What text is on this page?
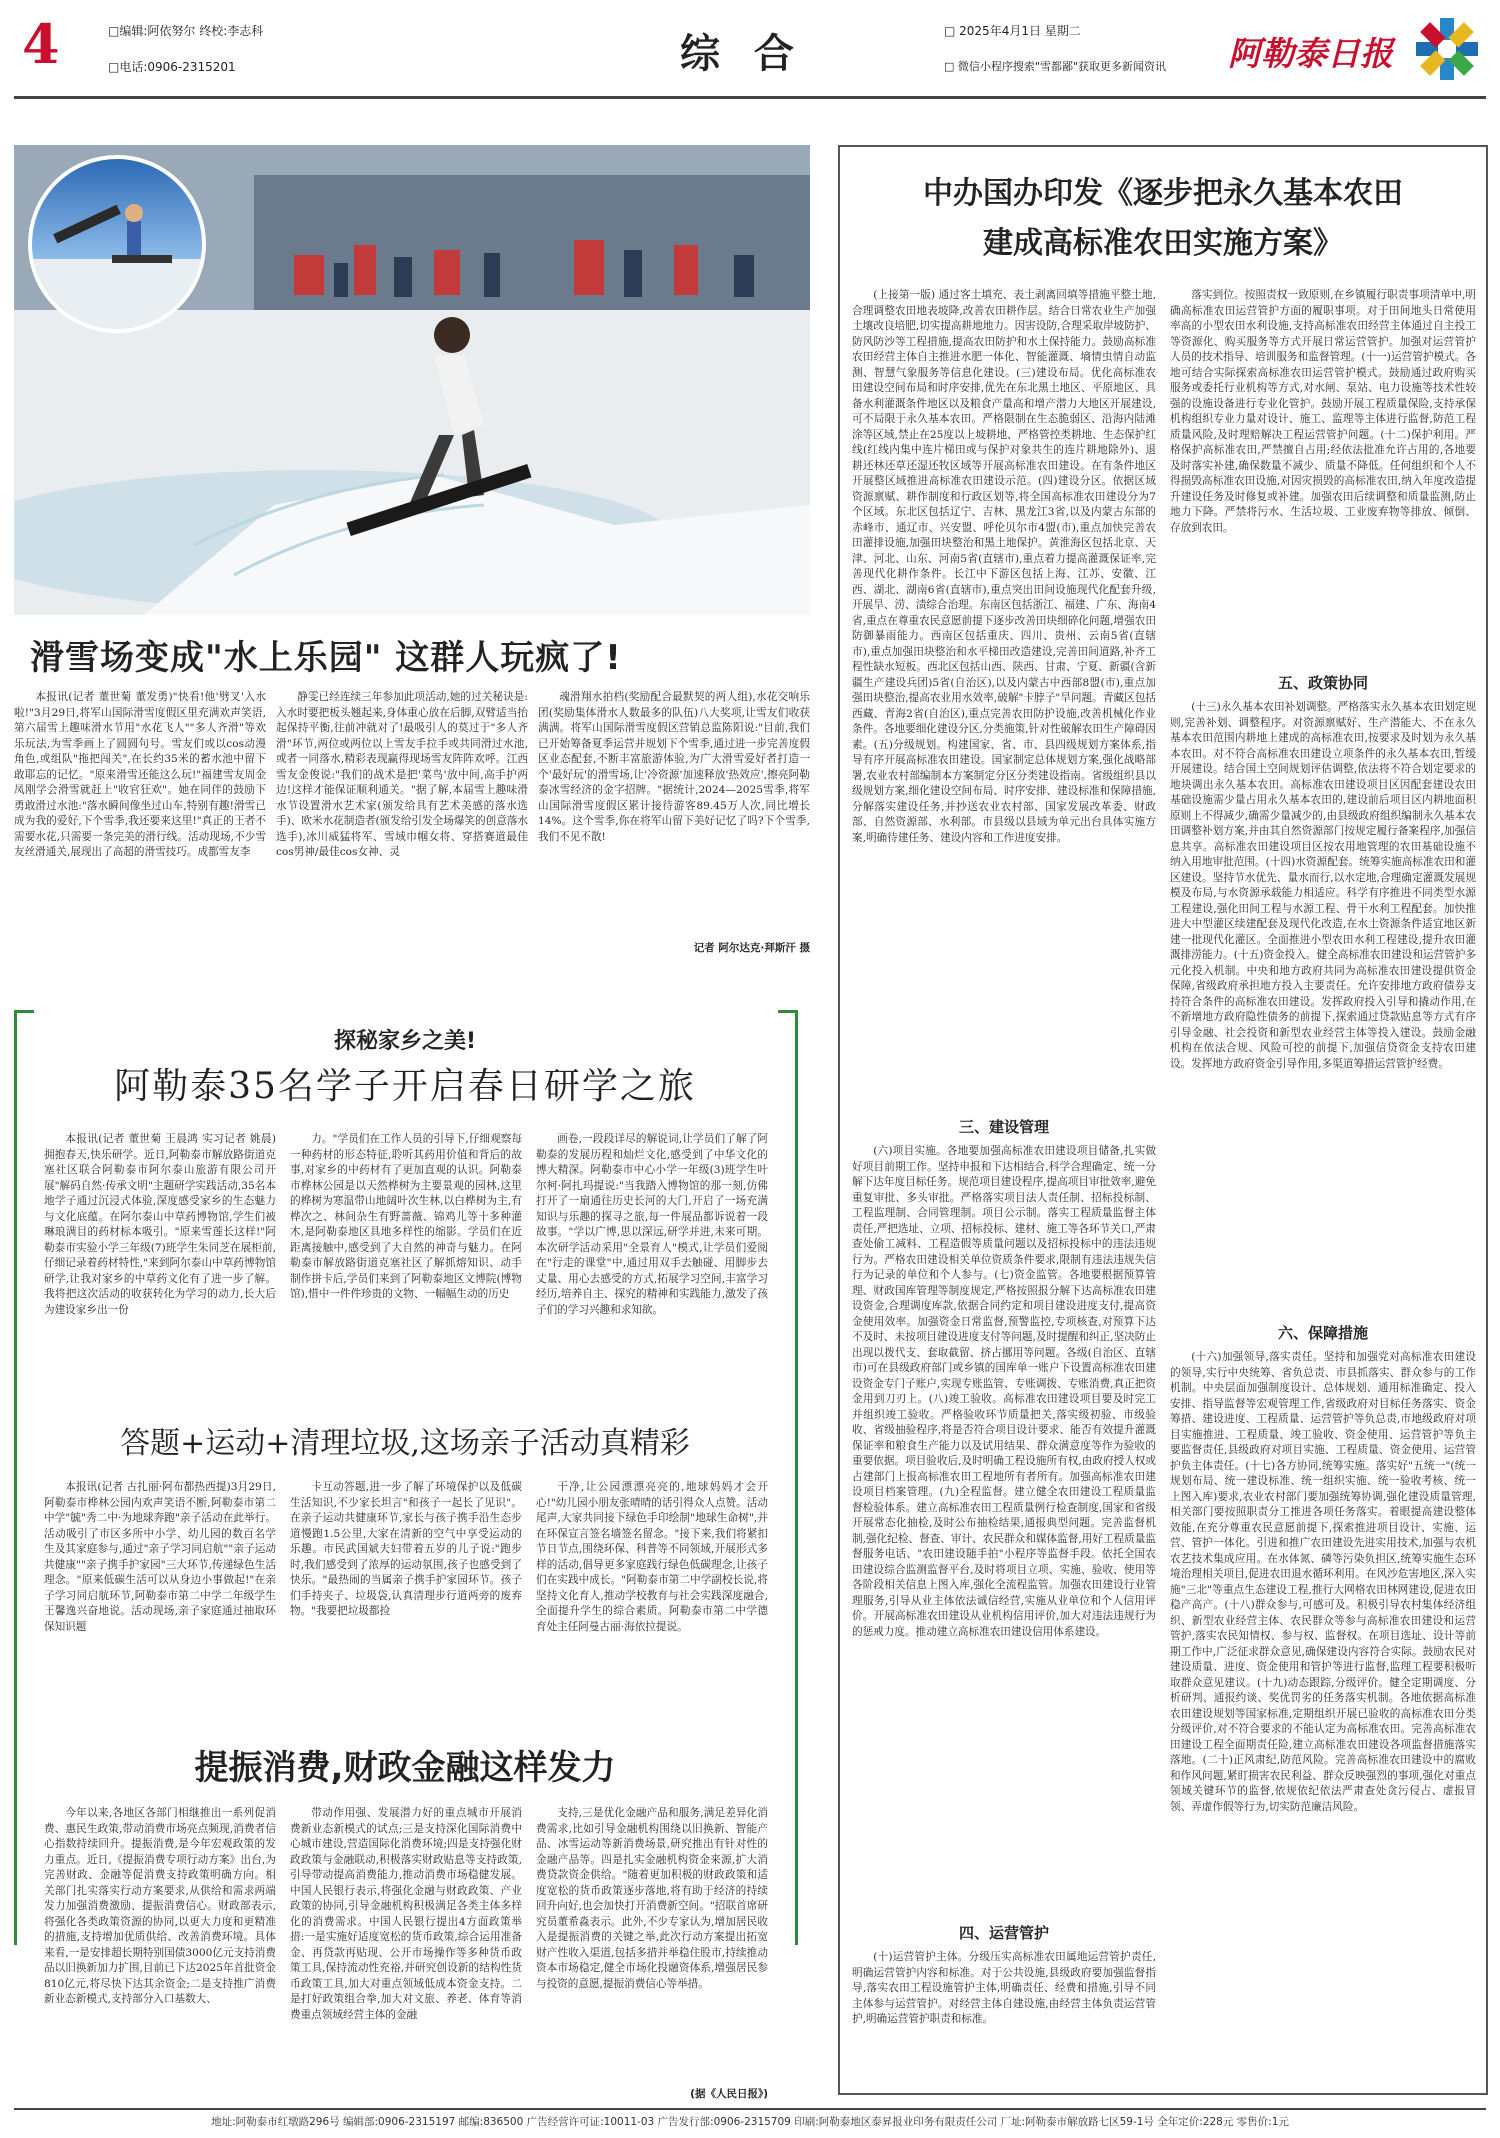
4	□编辑:阿依努尔 终校:李志科
□电话:0906-2315201	综 合	□ 2025年4月1日 星期二
□ 微信小程序搜索"雪都鄙"获取更多新闻资讯 阿勒泰日报
滑雪场变成"水上乐园" 这群人玩疯了!

本报讯(记者 董世菊 董发勇)"快看!他'劈叉'入水啦!"3月29日,将军山国际滑雪度假区里充满欢声笑语,第六届雪上趣味滑水节用"水花飞人""多人齐滑"等欢乐玩法,为雪季画上了圆圆句号。雪友们或以cos动漫角色,或组队"拖把闯关",在长约35米的蓄水池中留下敢耶忘的记忆。"原来滑雪还能这么玩!"福建雪友周金凤刚学会滑雪就赶上"收官狂欢"。她在同伴的鼓励下勇敢滑过水池:"落水瞬间像坐过山车,特别有趣!滑雪已成为我的爱好,下个雪季,我还要来这里!"真正的王者不需要水花,只需要一条完美的滑行线。活动现场,不少雪友丝滑通关,展现出了高超的滑雪技巧。成都雪友李

静雯已经连续三年参加此项活动,她的过关秘诀是:入水时要把板头翘起来,身体重心放在后脚,双臂适当抬起保持平衡,往前冲就对了!最吸引人的莫过于"多人齐滑"环节,两位或两位以上雪友手拉手或共同滑过水池,或者一同落水,精彩表现赢得现场雪友阵阵欢呼。江西雪友金俊说:"我们的战术是把'菜鸟'放中间,高手护两边!这样才能保证顺利通关。"据了解,本届雪上趣味滑水节设置滑水艺术家(颁发给具有艺术美感的落水选手)、欧米水花制造者(颁发给引发全场爆笑的创意落水选手),冰川威猛将军、雪域巾帼女将、穿搭赛道最佳cos男神/最佳cos女神、灵

魂滑翔水拍档(奖励配合最默契的两人组),水花交响乐团(奖励集体滑水人数最多的队伍)八大奖项,让雪友们收获满满。将军山国际滑雪度假区营销总监陈阳说:"目前,我们已开始筹备夏季运营并规划下个雪季,通过进一步完善度假区业态配套,不断丰富旅游体验,为广大滑雪爱好者打造一个'最好玩'的滑雪场,让'冷资源'加速释放'热效应',擦亮阿勒泰冰雪经济的金字招牌。"据统计,2024—2025雪季,将军山国际滑雪度假区累计接待游客89.45万人次,同比增长14%。这个雪季,你在将军山留下美好记忆了吗?下个雪季,我们不见不散!

记者 阿尔达克·拜斯汗 摄
探秘家乡之美!
阿勒泰35名学子开启春日研学之旅

本报讯(记者 董世菊 王晨鸿 实习记者 姚晨)拥抱春天,快乐研学。近日,阿勒泰市解放路街道克塞社区联合阿勒泰市阿尔泰山旅游有限公司开展"解码自然·传承文明"主题研学实践活动,35名本地学子通过沉浸式体验,深度感受家乡的生态魅力与文化底蕴。在阿尔泰山中草药博物馆,学生们被琳琅满目的药材标本吸引。"原来雪莲长这样!"阿勒泰市实验小学三年级(7)班学生朱同芝在展柜前,仔细记录着药材特性,"来到阿尔泰山中草药博物馆研学,让我对家乡的中草药文化有了进一步了解。我将把这次活动的收获转化为学习的动力,长大后为建设家乡出一份

力。"学员们在工作人员的引导下,仔细观察每一种药材的形态特征,聆听其药用价值和背后的故事,对家乡的中药材有了更加直观的认识。阿勒泰市桦林公园是以天然桦树为主要景观的园林,这里的桦树为寒温带山地阔叶次生林,以白桦树为主,有桦次之、林间杂生有野蔷薇、锦鸡儿等十多种灌木,是阿勒泰地区具地多样性的缩影。学员们在近距离接触中,感受到了大自然的神奇与魅力。在阿勒泰市解放路街道克塞社区了解抓熔知识、动手制作拼卡后,学员们来到了阿勒泰地区文博院(博物馆),惜中一件件珍贵的文物、一幅幅生动的历史

画卷,一段段详尽的解说词,让学员们了解了阿勒泰的发展历程和灿烂文化,感受到了中华文化的博大精深。阿勒泰市中心小学一年级(3)班学生叶尔柯·阿扎玛提说:"当我踏入博物馆的那一刻,仿佛打开了一扇通往历史长河的大门,开启了一场充满知识与乐趣的探寻之旅,每一件展品都诉说着一段故事。"学以广博,思以深远,研学并进,未来可期。本次研学活动采用"全景育人"模式,让学员们爱阅在"行走的课堂"中,通过用双手去触碰、用脚步去丈量、用心去感受的方式,拓展学习空间,丰富学习经历,培养自主、探究的精神和实践能力,激发了孩子们的学习兴趣和求知欲。

答题+运动+清理垃圾,这场亲子活动真精彩

本报讯(记者 古扎丽·阿布都热西提)3月29日,阿勒泰市桦林公园内欢声笑语不断,阿勒泰市第二中学"毓"秀二中·为地球奔跑"亲子活动在此举行。活动吸引了市区多所中小学、幼儿园的数百名学生及其家庭参与,通过"亲子学习同启航""亲子运动共健康""亲子携手护家园"三大环节,传递绿色生活理念。"原来低碳生活可以从身边小事做起!"在亲子学习同启航环节,阿勒泰市第二中学二年级学生王馨逸兴奋地说。活动现场,亲子家庭通过抽取环保知识题

卡互动答题,进一步了解了环境保护以及低碳生活知识,不少家长坦言"和孩子一起长了见识"。在亲子运动共健康环节,家长与孩子携手沿生态步道慢跑1.5公里,大家在清新的空气中享受运动的乐趣。市民武国斌夫妇带着五岁的儿子说:"跑步时,我们感受到了浓厚的运动氛围,孩子也感受到了快乐。"最热闹的当属亲子携手护家园环节。孩子们手持夹子、垃圾袋,认真清理步行道两旁的废弃物。"我要把垃圾都捡

干净,让公园漂漂亮亮的,地球妈妈才会开心!"幼儿园小朋友张晴晴的话引得众人点赞。活动尾声,大家共同接下绿色手印绘制"地球生命树",并在环保宣言签名墙签名留念。"接下来,我们将紧扣节日节点,围绕环保、科普等不同领域,开展形式多样的活动,倡导更多家庭践行绿色低碳理念,让孩子们在实践中成长。"阿勒泰市第二中学副校长说,将坚持文化育人,推动学校教育与社会实践深度融合,全面提升学生的综合素质。阿勒泰市第二中学德育处主任阿曼古丽·海依拉提说。

提振消费,财政金融这样发力

今年以来,各地区各部门相继推出一系列促消费、惠民生政策,带动消费市场亮点频现,消费者信心指数持续回升。提振消费,是今年宏观政策的发力重点。近日,《提振消费专项行动方案》出台,为完善财政、金融等促消费支持政策明确方向。相关部门扎实落实行动方案要求,从供给和需求两端发力加强消费激励、提振消费信心。财政部表示,将强化各类政策资源的协同,以更大力度和更精准的措施,支持增加优质供给、改善消费环境。具体来看,一是安排超长期特别国债3000亿元支持消费品以旧换新加力扩围,目前已下达2025年首批资金810亿元,将尽快下达其余资金;二是支持推广消费新业态新模式,支持部分入口基数大、

带动作用强、发展潜力好的重点城市开展消费新业态新模式的试点;三是支持深化国际消费中心城市建设,营造国际化消费环境;四是支持强化财政政策与金融联动,积极落实财政贴息等支持政策,引导带动提高消费能力,推动消费市场稳健发展。中国人民银行表示,将强化金融与财政政策、产业政策的协同,引导金融机构积极满足各类主体多样化的消费需求。中国人民银行提出4方面政策举措:一是实施好适度宽松的货币政策,综合运用准备金、再贷款再贴现、公开市场操作等多种货币政策工具,保持流动性充裕,并研究创设新的结构性货币政策工具,加大对重点领域低成本资金支持。二是打好政策组合拳,加大对文旅、养老、体育等消费重点领域经营主体的金融

支持,三是优化金融产品和服务,满足差异化消费需求,比如引导金融机构围绕以旧换新、智能产品、冰雪运动等新消费场景,研究推出有针对性的金融产品等。四是扎实金融机构资金来源,扩大消费贷款资金供给。"随着更加积极的财政政策和适度宽松的货币政策逐步落地,将有助于经济的持续回升向好,也会加快打开消费新空间。"招联首席研究员董希淼表示。此外,不少专家认为,增加居民收入是提振消费的关键之举,此次行动方案提出拓宽财产性收入渠道,包括多措并举稳住股市,持续推动资本市场稳定,健全市场化投融资体系,增强居民参与投资的意愿,提振消费信心等举措。

(据《人民日报》)
中办国办印发《逐步把永久基本农田
建成高标准农田实施方案》

(上接第一版) 通过客土填充、表土剥离回填等措施平整土地,合理调整农田地表坡降,改善农田耕作层。结合日常农业生产加强土壤改良培肥,切实提高耕地地力。因害设防,合理采取岸坡防护、防风防沙等工程措施,提高农田防护和水土保持能力。鼓励高标准农田经营主体自主推进水肥一体化、智能灌溉、墒情虫情自动监测、智慧气象服务等信息化建设。(三)建设布局。优化高标准农田建设空间布局和时序安排,优先在东北黑土地区、平原地区、具备水利灌溉条件地区以及粮食产量高和增产潜力大地区开展建设,可不局限于永久基本农田。严格限制在生态脆弱区、沿海内陆滩涂等区域,禁止在25度以上坡耕地、严格管控类耕地、生态保护红线(红线内集中连片梯田或与保护对象共生的连片耕地除外)、退耕还林还草还湿还牧区域等开展高标准农田建设。在有条件地区开展整区域推进高标准农田建设示范。(四)建设分区。依据区域资源禀赋、耕作制度和行政区划等,将全国高标准农田建设分为7个区域。东北区包括辽宁、吉林、黑龙江3省,以及内蒙古东部的赤峰市、通辽市、兴安盟、呼伦贝尔市4盟(市),重点加快完善农田灌排设施,加强田块整治和黑土地保护。黄淮海区包括北京、天津、河北、山东、河南5省(直辖市),重点着力提高灌溉保证率,完善现代化耕作条件。长江中下游区包括上海、江苏、安徽、江西、湖北、湖南6省(直辖市),重点突出田间设施现代化配套升级,开展旱、涝、渍综合治理。东南区包括浙江、福建、广东、海南4省,重点在尊重农民意愿前提下逐步改善田块细碎化问题,增强农田防御暴雨能力。西南区包括重庆、四川、贵州、云南5省(直辖市),重点加强田块整治和水平梯田改造建设,完善田间道路,补齐工程性缺水短板。西北区包括山西、陕西、甘肃、宁夏、新疆(含新疆生产建设兵团)5省(自治区),以及内蒙古中西部8盟(市),重点加强田块整治,提高农业用水效率,破解"卡脖子"旱问题。青藏区包括西藏、青海2省(自治区),重点完善农田防护设施,改善机械化作业条件。各地要细化建设分区,分类施策,针对性破解农田生产障碍因素。(五)分级规划。构建国家、省、市、县四级规划方案体系,指导有序开展高标准农田建设。国家制定总体规划方案,强化战略部署,农业农村部编制本方案制定分区分类建设指南。省级组织县以级规划方案,细化建设空间布局、时序安排、建设标准和保障措施,分解落实建设任务,并抄送农业农村部、国家发展改革委、财政部、自然资源部、水利部。市县级以县域为单元出台具体实施方案,明确待建任务、建设内容和工作进度安排。

三、建设管理

(六)项目实施。各地要加强高标准农田建设项目储备,扎实做好项目前期工作。坚持申报和下达相结合,科学合理确定、统一分解下达年度目标任务。规范项目建设程序,提高项目审批效率,避免重复审批、多头审批。严格落实项目法人责任制、招标投标制、工程监理制、合同管理制。项目公示制。落实工程质量监督主体责任,严把选址、立项、招标投标、建材、施工等各环节关口,严肃查处偷工减料、工程造假等质量问题以及招标投标中的违法违规行为。严格农田建设相关单位资质条件要求,限制有违法违规失信行为记录的单位和个人参与。(七)资金监管。各地要根据预算管理、财政国库管理等制度规定,严格按照报分解下达高标准农田建设资金,合理调度库款,依据合同约定和项目建设进度支付,提高资金使用效率。加强资金日常监督,预警监控,专项核查,对预算下达不及时、未按项目建设进度支付等问题,及时提醒和纠正,坚决防止出现以拨代支、套取截留、挤占挪用等问题。各级(自治区、直辖市)可在县级政府部门或乡镇的国库单一账户下设置高标准农田建设资金专门子账户,实现专账监管、专账调拨、专账消费,真正把资金用到刀刃上。(八)竣工验收。高标准农田建设项目要及时完工并组织竣工验收。严格验收环节质量把关,落实级初验、市级验收、省级抽验程序,将是否符合项目设计要求、能否有效提升灌溉保证率和粮食生产能力以及试用结果、群众满意度等作为验收的重要依据。项目验收后,及时明确工程设施所有权,由政府授人权或占建部门上报高标准农田工程地所有者所有。加强高标准农田建设项目档案管理。(九)全程监督。建立健全农田建设工程质量监督检验体系。建立高标准农田工程质量例行检查制度,国家和省级开展常态化抽检,及时公布抽检结果,通报典型问题。完善监督机制,强化纪检、督查、审计、农民群众和媒体监督,用好工程质量监督服务电话、"农田建设随手拍"小程序等监督手段。依托全国农田建设综合监测监督平台,及时将项目立项、实施、验收、使用等各阶段相关信息上图入库,强化全流程监管。加强农田建设行业管理服务,引导从业主体依法诚信经营,实施从业单位和个人信用评价。开展高标准农田建设从业机构信用评价,加大对违法违规行为的惩戒力度。推动建立高标准农田建设信用体系建设。

四、运营管护

(十)运营管护主体。分级压实高标准农田属地运营管护责任,明确运营管护内容和标准。对于公共设施,县级政府要加强监督指导,落实农田工程设施管护主体,明确责任、经费和措施,引导不同主体参与运营管护。对经营主体自建设施,由经营主体负责运营管护,明确运营管护职责和标准。

落实到位。按照责权一致原则,在乡镇履行职责事项清单中,明确高标准农田运营管护方面的履职事项。对于田间地头日常使用率高的小型农田水利设施,支持高标准农田经营主体通过自主投工等资源化、购买服务等方式开展日常运营管护。加强对运营管护人员的技术指导、培训服务和监督管理。(十一)运营管护模式。各地可结合实际探索高标准农田运营管护模式。鼓励通过政府购买服务或委托行业机构等方式,对水闸、泵站、电力设施等技术性较强的设施设备进行专业化管护。鼓励开展工程质量保险,支持承保机构组织专业力量对设计、施工、监理等主体进行监督,防范工程质量风险,及时理赔解决工程运营管护问题。(十二)保护利用。严格保护高标准农田,严禁擅自占用;经依法批准允许占用的,各地要及时落实补建,确保数量不减少、质量不降低。任何组织和个人不得损毁高标准农田设施,对因灾损毁的高标准农田,纳入年度改造提升建设任务及时修复或补建。加强农田后续调整和质量监测,防止地力下降。严禁将污水、生活垃圾、工业废弃物等排放、倾倒、存放到农田。

五、政策协同

(十三)永久基本农田补划调整。严格落实永久基本农田划定规则,完善补划、调整程序。对资源禀赋好、生产潜能大、不在永久基本农田范围内耕地上建成的高标准农田,按要求及时划为永久基本农田。对不符合高标准农田建设立项条件的永久基本农田,暂缓开展建设。结合国土空间规划评估调整,依法将不符合划定要求的地块调出永久基本农田。高标准农田建设项目区因配套建设农田基础设施需少量占用永久基本农田的,建设前后项目区内耕地面积原则上不得减少,确需少量减少的,由县级政府组织编制永久基本农田调整补划方案,并由其自然资源部门按规定履行备案程序,加强信息共享。高标准农田建设项目区按农用地管理的农田基础设施不纳入用地审批范围。(十四)水资源配套。统筹实施高标准农田和灌区建设。坚持节水优先、量水而行,以水定地,合理确定灌溉发展规模及布局,与水资源承载能力相适应。科学有序推进不同类型水源工程建设,强化田间工程与水源工程、骨干水利工程配套。加快推进大中型灌区续建配套及现代化改造,在水土资源条件适宜地区新建一批现代化灌区。全面推进小型农田水利工程建设,提升农田灌溉排涝能力。(十五)资金投入。健全高标准农田建设和运营管护多元化投入机制。中央和地方政府共同为高标准农田建设提供资金保障,省级政府承担地方投入主要责任。允许安排地方政府债券支持符合条件的高标准农田建设。发挥政府投入引导和撬动作用,在不新增地方政府隐性债务的前提下,探索通过贷款贴息等方式有序引导金融、社会投资和新型农业经营主体等投入建设。鼓励金融机构在依法合规、风险可控的前提下,加强信贷资金支持农田建设。发挥地方政府资金引导作用,多渠道筹措运营管护经费。

六、保障措施

(十六)加强领导,落实责任。坚持和加强党对高标准农田建设的领导,实行中央统筹、省负总责、市县抓落实、群众参与的工作机制。中央层面加强制度设计、总体规划、通用标准确定、投入安排、指导监督等宏观管理工作,省级政府对目标任务落实、资金筹措、建设进度、工程质量、运营管护等负总责,市地级政府对项目实施推进、工程质量、竣工验收、资金使用、运营管护等负主要监督责任,县级政府对项目实施、工程质量、资金使用、运营管护负主体责任。(十七)各方协同,统筹实施。落实好"五统一"(统一规划布局、统一建设标准、统一组织实施、统一验收考核、统一上图入库)要求,农业农村部门要加强统筹协调,强化建设质量管理,相关部门要按照职责分工推进各项任务落实。着眼提高建设整体效能,在充分尊重农民意愿前提下,探索推进项目设计、实施、运营、管护一体化。引进和推广农田建设先进实用技术,加强与农机农艺技术集成应用。在水体氮、磷等污染负担区,统筹实施生态环境治理相关项目,促进农田退水循环利用。在风沙危害地区,深入实施"三北"等重点生态建设工程,推行大网格农田林网建设,促进农田稳产高产。(十八)群众参与,可感可及。积极引导农村集体经济组织、新型农业经营主体、农民群众等参与高标准农田建设和运营管护,落实农民知情权、参与权、监督权。在项目选址、设计等前期工作中,广泛征求群众意见,确保建设内容符合实际。鼓励农民对建设质量、进度、资金使用和管护等进行监督,监理工程要积极听取群众意见建议。(十九)动态跟踪,分级评价。健全定期调度、分析研判、通报约谈、奖优罚劣的任务落实机制。各地依据高标准农田建设规划等国家标准,定期组织开展已验收的高标准农田分类分级评价,对不符合要求的不能认定为高标准农田。完善高标准农田建设工程全面期责任险,建立高标准农田建设各项监督措施落实落地。(二十)正风肃纪,防范风险。完善高标准农田建设中的腐败和作风问题,紧盯损害农民利益、群众反映强烈的事项,强化对重点领域关键环节的监督,依规依纪依法严肃查处贪污侵占、虚报冒领、弄虚作假等行为,切实防范廉洁风险。

地址:阿勒泰市红墩路296号 编辑部:0906-2315197 邮编:836500 广告经营许可证:10011-03 广告发行部:0906-2315709 印刷:阿勒泰地区泰昇报业印务有限责任公司 厂址:阿勒泰市解放路七区59-1号 全年定价:228元 零售价:1元
